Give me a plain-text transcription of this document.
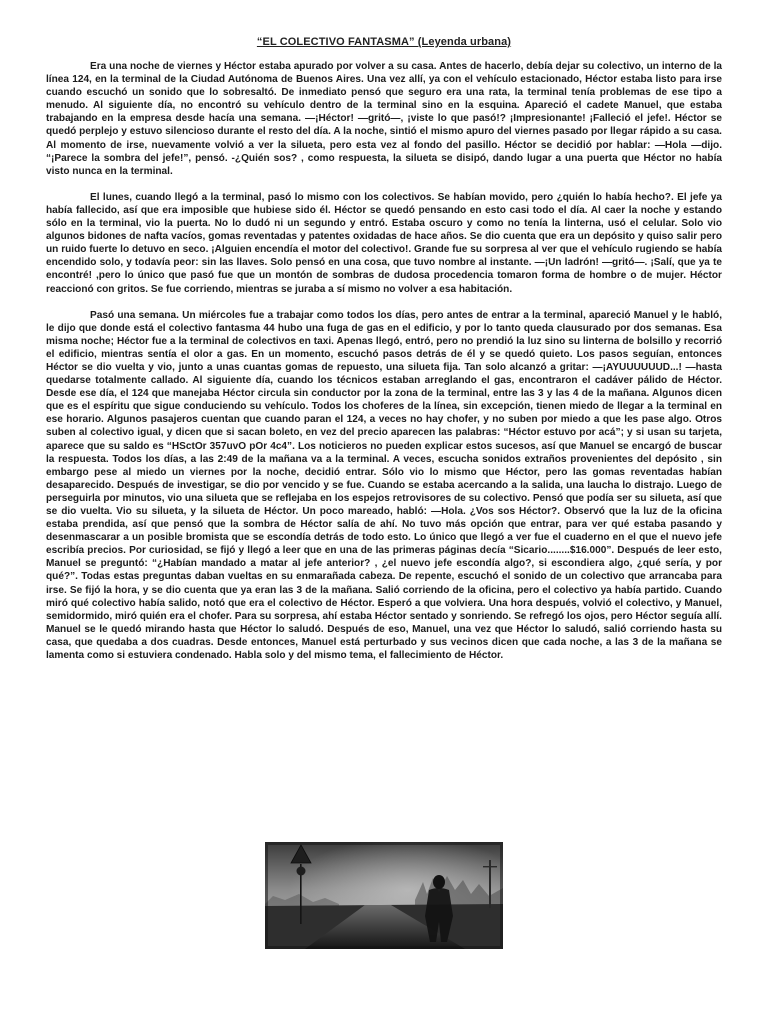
“EL COLECTIVO FANTASMA” (Leyenda urbana)

Era una noche de viernes y Héctor estaba apurado por volver a su casa. Antes de hacerlo, debía dejar su colectivo, un interno de la línea 124, en la terminal de la Ciudad Autónoma de Buenos Aires. Una vez allí, ya con el vehículo estacionado, Héctor estaba listo para irse cuando escuchó un sonido que lo sobresaltó. De inmediato pensó que seguro era una rata, la terminal tenía problemas de ese tipo a menudo. Al siguiente día, no encontró su vehículo dentro de la terminal sino en la esquina. Apareció el cadete Manuel, que estaba trabajando en la empresa desde hacía una semana. —¡Héctor! —gritó—, ¡viste lo que pasó!? ¡Impresionante! ¡Falleció el jefe!. Héctor se quedó perplejo y estuvo silencioso durante el resto del día. A la noche, sintió el mismo apuro del viernes pasado por llegar rápido a su casa. Al momento de irse, nuevamente volvió a ver la silueta, pero esta vez al fondo del pasillo. Héctor se decidió por hablar: —Hola —dijo. “¡Parece la sombra del jefe!”, pensó. -¿Quién sos? , como respuesta, la silueta se disipó, dando lugar a una puerta que Héctor no había visto nunca en la terminal.

El lunes, cuando llegó a la terminal, pasó lo mismo con los colectivos. Se habían movido, pero ¿quién lo había hecho?. El jefe ya había fallecido, así que era imposible que hubiese sido él. Héctor se quedó pensando en esto casi todo el día. Al caer la noche y estando sólo en la terminal, vio la puerta. No lo dudó ni un segundo y entró. Estaba oscuro y como no tenía la linterna, usó el celular. Solo vio algunos bidones de nafta vacíos, gomas reventadas y patentes oxidadas de hace años. Se dio cuenta que era un depósito y quiso salir pero un ruido fuerte lo detuvo en seco. ¡Alguien encendía el motor del colectivo!. Grande fue su sorpresa al ver que el vehículo rugiendo se había encendido solo, y todavía peor: sin las llaves. Solo pensó en una cosa, que tuvo nombre al instante. —¡Un ladrón! —gritó—. ¡Salí, que ya te encontré! ,pero lo único que pasó fue que un montón de sombras de dudosa procedencia tomaron forma de hombre o de mujer. Héctor reaccionó con gritos. Se fue corriendo, mientras se juraba a sí mismo no volver a esa habitación.

Pasó una semana. Un miércoles fue a trabajar como todos los días, pero antes de entrar a la terminal, apareció Manuel y le habló, le dijo que donde está el colectivo fantasma 44 hubo una fuga de gas en el edificio, y por lo tanto queda clausurado por dos semanas. Esa misma noche; Héctor fue a la terminal de colectivos en taxi. Apenas llegó, entró, pero no prendió la luz sino su linterna de bolsillo y recorrió el edificio, mientras sentía el olor a gas. En un momento, escuchó pasos detrás de él y se quedó quieto. Los pasos seguían, entonces Héctor se dio vuelta y vio, junto a unas cuantas gomas de repuesto, una silueta fija. Tan solo alcanzó a gritar: —¡AYUUUUUUD...! —hasta quedarse totalmente callado. Al siguiente día, cuando los técnicos estaban arreglando el gas, encontraron el cadáver pálido de Héctor. Desde ese día, el 124 que manejaba Héctor circula sin conductor por la zona de la terminal, entre las 3 y las 4 de la mañana. Algunos dicen que es el espíritu que sigue conduciendo su vehículo. Todos los choferes de la línea, sin excepción, tienen miedo de llegar a la terminal en ese horario. Algunos pasajeros cuentan que cuando paran el 124, a veces no hay chofer, y no suben por miedo a que les pase algo. Otros suben al colectivo igual, y dicen que si sacan boleto, en vez del precio aparecen las palabras: “Héctor estuvo por acá”; y si usan su tarjeta, aparece que su saldo es “HSctOr 357uvO pOr 4c4”. Los noticieros no pueden explicar estos sucesos, así que Manuel se encargó de buscar la respuesta. Todos los días, a las 2:49 de la mañana va a la terminal. A veces, escucha sonidos extraños provenientes del depósito , sin embargo pese al miedo un viernes por la noche, decidió entrar. Sólo vio lo mismo que Héctor, pero las gomas reventadas habían desaparecido. Después de investigar, se dio por vencido y se fue. Cuando se estaba acercando a la salida, una laucha lo distrajo. Luego de perseguirla por minutos, vio una silueta que se reflejaba en los espejos retrovisores de su colectivo. Pensó que podía ser su silueta, así que se dio vuelta. Vio su silueta, y la silueta de Héctor. Un poco mareado, habló: —Hola. ¿Vos sos Héctor?. Observó que la luz de la oficina estaba prendida, así que pensó que la sombra de Héctor salía de ahí. No tuvo más opción que entrar, para ver qué estaba pasando y desenmascarar a un posible bromista que se escondía detrás de todo esto. Lo único que llegó a ver fue el cuaderno en el que el nuevo jefe escribía precios. Por curiosidad, se fijó y llegó a leer que en una de las primeras páginas decía “Sicario........$16.000”. Después de leer esto, Manuel se preguntó: “¿Habían mandado a matar al jefe anterior? , ¿el nuevo jefe escondía algo?, si escondiera algo, ¿qué sería, y por qué?”. Todas estas preguntas daban vueltas en su enmarañada cabeza. De repente, escuchó el sonido de un colectivo que arrancaba para irse. Se fijó la hora, y se dio cuenta que ya eran las 3 de la mañana. Salió corriendo de la oficina, pero el colectivo ya había partido. Cuando miró qué colectivo había salido, notó que era el colectivo de Héctor. Esperó a que volviera. Una hora después, volvió el colectivo, y Manuel, semidormido, miró quién era el chofer. Para su sorpresa, ahí estaba Héctor sentado y sonriendo. Se refregó los ojos, pero Héctor seguía allí. Manuel se le quedó mirando hasta que Héctor lo saludó. Después de eso, Manuel, una vez que Héctor lo saludó, salió corriendo hasta su casa, que quedaba a dos cuadras. Desde entonces, Manuel está perturbado y sus vecinos dicen que cada noche, a las 3 de la mañana se lamenta como si estuviera condenado. Habla solo y del mismo tema, el fallecimiento de Héctor.
